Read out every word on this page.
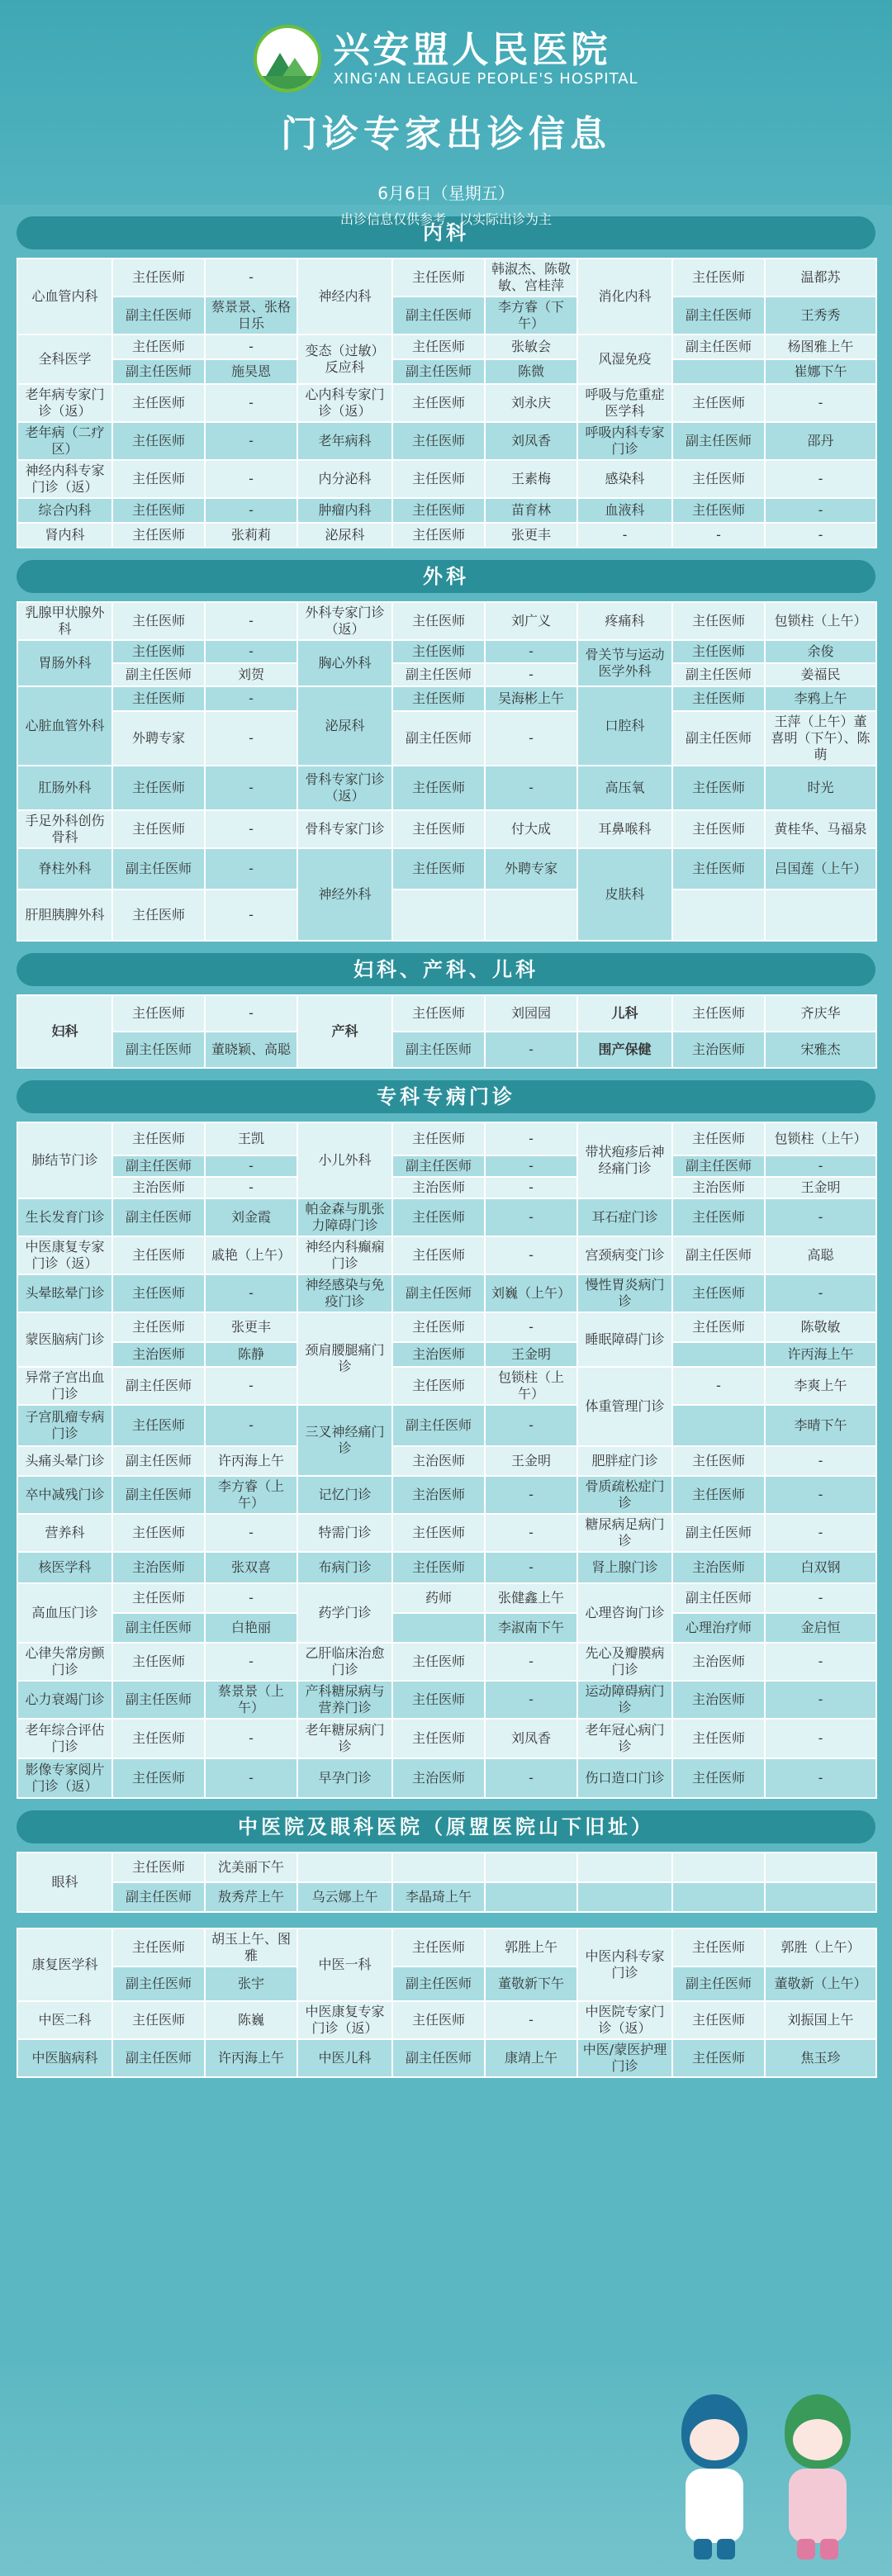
兴安盟人民医院
XING'AN LEAGUE PEOPLE'S HOSPITAL
门诊专家出诊信息
6月6日（星期五）
出诊信息仅供参考，以实际出诊为主
内科
心血管内科	主任医师	-	神经内科	主任医师	韩淑杰、陈敬敏、宫桂萍	消化内科	主任医师	温都苏
	副主任医师	蔡景景、张格日乐		副主任医师	李方睿（下午）		副主任医师	王秀秀
全科医学	主任医师	-	变态（过敏）反应科	主任医师	张敏会	风湿免疫	副主任医师	杨图雅上午
	副主任医师	施昊恩		副主任医师	陈微			崔娜下午
老年病专家门诊（返）	主任医师	-	心内科专家门诊（返）	主任医师	刘永庆	呼吸与危重症医学科	主任医师	-
老年病（二疗区）	主任医师	-	老年病科	主任医师	刘凤香	呼吸内科专家门诊	副主任医师	邵丹
神经内科专家门诊（返）	主任医师	-	内分泌科	主任医师	王素梅	感染科	主任医师	-
综合内科	主任医师	-	肿瘤内科	主任医师	苗育林	血液科	主任医师	-
肾内科	主任医师	张莉莉	泌尿科	主任医师	张更丰	-	-	-
外科
乳腺甲状腺外科	主任医师	-	外科专家门诊（返）	主任医师	刘广义	疼痛科	主任医师	包锁柱（上午）
胃肠外科	主任医师	-	胸心外科	主任医师	-	骨关节与运动医学外科	主任医师	余俊
	副主任医师	刘贺		副主任医师	-		副主任医师	姜福民
心脏血管外科	主任医师	-	泌尿科	主任医师	吴海彬上午	口腔科	主任医师	李鸦上午
	外聘专家	-		副主任医师	-		副主任医师	王萍（上午）董喜明（下午）、陈萌
肛肠外科	主任医师	-	骨科专家门诊（返）	主任医师	-	高压氧	主任医师	时光
手足外科创伤骨科	主任医师	-	骨科专家门诊	主任医师	付大成	耳鼻喉科	主任医师	黄桂华、马福泉
脊柱外科	副主任医师	-	神经外科	主任医师	外聘专家	皮肤科	主任医师	吕国莲（上午）
肝胆胰脾外科	主任医师	-						
妇科、产科、儿科
妇科	主任医师	-	产科	主任医师	刘园园	儿科	主任医师	齐庆华
	副主任医师	董晓颖、高聪		副主任医师	-	围产保健	主治医师	宋雅杰
专科专病门诊
肺结节门诊	主任医师	王凯	小儿外科	主任医师	-	带状疱疹后神经痛门诊	主任医师	包锁柱（上午）
	副主任医师	-		副主任医师	-		副主任医师	-
	主治医师	-		主治医师	-		主治医师	王金明
生长发育门诊	副主任医师	刘金霞	帕金森与肌张力障碍门诊	主任医师	-	耳石症门诊	主任医师	-
中医康复专家门诊（返）	主任医师	戚艳（上午）	神经内科癫痫门诊	主任医师	-	宫颈病变门诊	副主任医师	高聪
头晕眩晕门诊	主任医师	-	神经感染与免疫门诊	副主任医师	刘巍（上午）	慢性胃炎病门诊	主任医师	-
蒙医脑病门诊	主任医师	张更丰	颈肩腰腿痛门诊	主任医师	-	睡眠障碍门诊	主任医师	陈敬敏
	主治医师	陈静		主治医师	王金明			许丙海上午
异常子宫出血门诊	副主任医师	-		主任医师	包锁柱（上午）	体重管理门诊	-	李爽上午
子宫肌瘤专病门诊	主任医师	-	三叉神经痛门诊	副主任医师	-			李晴下午
头痛头晕门诊	副主任医师	许丙海上午		主治医师	王金明	肥胖症门诊	主任医师	-
卒中减残门诊	副主任医师	李方睿（上午）	记忆门诊	主治医师	-	骨质疏松症门诊	主任医师	-
营养科	主任医师	-	特需门诊	主任医师	-	糖尿病足病门诊	副主任医师	-
核医学科	主治医师	张双喜	布病门诊	主任医师	-	肾上腺门诊	主治医师	白双钢
高血压门诊	主任医师	-	药学门诊	药师	张健鑫上午	心理咨询门诊	副主任医师	-
	副主任医师	白艳丽			李淑南下午		心理治疗师	金启恒
心律失常房颤门诊	主任医师	-	乙肝临床治愈门诊	主任医师	-	先心及瓣膜病门诊	主治医师	-
心力衰竭门诊	副主任医师	蔡景景（上午）	产科糖尿病与营养门诊	主任医师	-	运动障碍病门诊	主治医师	-
老年综合评估门诊	主任医师	-	老年糖尿病门诊	主任医师	刘凤香	老年冠心病门诊	主任医师	-
影像专家阅片门诊（返）	主任医师	-	早孕门诊	主治医师	-	伤口造口门诊	主任医师	-
中医院及眼科医院（原盟医院山下旧址）
眼科	主任医师	沈美丽下午						
	副主任医师	敖秀芹上午	乌云娜上午	李晶琦上午				
康复医学科	主任医师	胡玉上午、图雅	中医一科	主任医师	郭胜上午	中医内科专家门诊	主任医师	郭胜（上午）
	副主任医师	张宇		副主任医师	董敬新下午		副主任医师	董敬新（上午）
中医二科	主任医师	陈巍	中医康复专家门诊（返）	主任医师	-	中医院专家门诊（返）	主任医师	刘振国上午
中医脑病科	副主任医师	许丙海上午	中医儿科	副主任医师	康靖上午	中医/蒙医护理门诊	主任医师	焦玉珍
